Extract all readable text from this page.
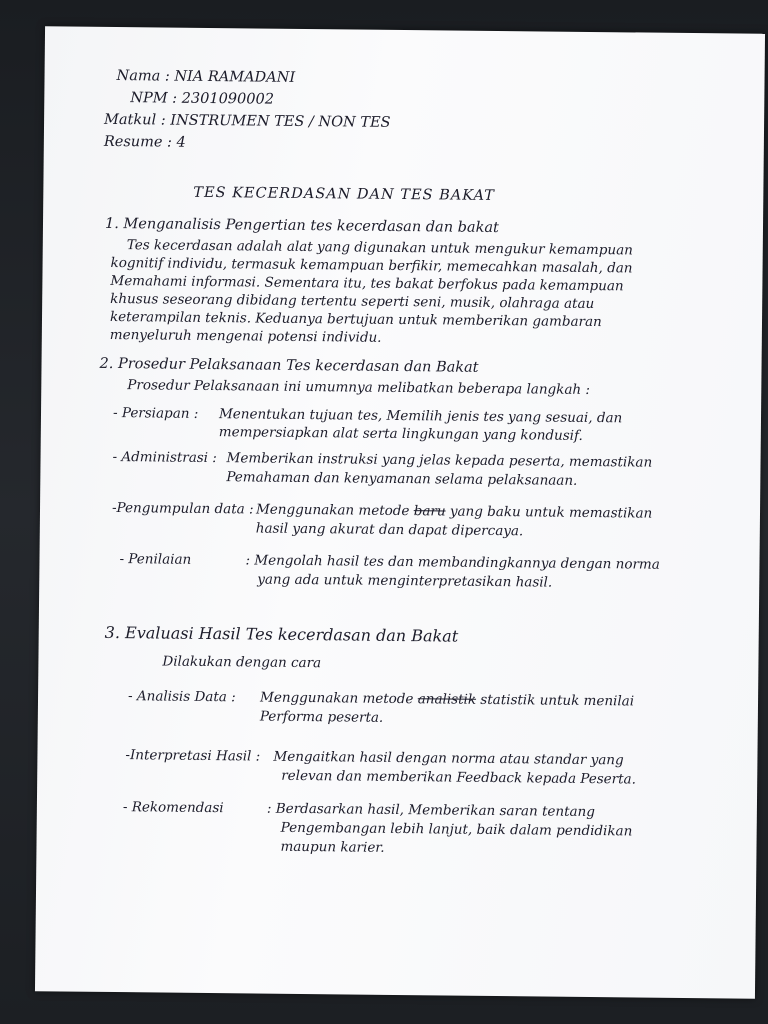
Nama : NIA RAMADANI
NPM : 2301090002
Matkul : INSTRUMEN TES / NON TES
Resume : 4
TES KECERDASAN DAN TES BAKAT
1. Menganalisis Pengertian tes kecerdasan dan bakat
Tes kecerdasan adalah alat yang digunakan untuk mengukur kemampuan
kognitif individu, termasuk kemampuan berfikir, memecahkan masalah, dan
Memahami informasi. Sementara itu, tes bakat berfokus pada kemampuan
khusus seseorang dibidang tertentu seperti seni, musik, olahraga atau
keterampilan teknis. Keduanya bertujuan untuk memberikan gambaran
menyeluruh mengenai potensi individu.
2. Prosedur Pelaksanaan Tes kecerdasan dan Bakat
Prosedur Pelaksanaan ini umumnya melibatkan beberapa langkah :
- Persiapan : Menentukan tujuan tes, Memilih jenis tes yang sesuai, dan
mempersiapkan alat serta lingkungan yang kondusif.
- Administrasi : Memberikan instruksi yang jelas kepada peserta, memastikan
Pemahaman dan kenyamanan selama pelaksanaan.
-Pengumpulan data : Menggunakan metode baru yang baku untuk memastikan
hasil yang akurat dan dapat dipercaya.
- Penilaian	: Mengolah hasil tes dan membandingkannya dengan norma
yang ada untuk menginterpretasikan hasil.
3. Evaluasi Hasil Tes kecerdasan dan Bakat
Dilakukan dengan cara
- Analisis Data : Menggunakan metode analistik statistik untuk menilai
Performa peserta.
-Interpretasi Hasil : Mengaitkan hasil dengan norma atau standar yang
relevan dan memberikan Feedback kepada Peserta.
- Rekomendasi	: Berdasarkan hasil, Memberikan saran tentang
Pengembangan lebih lanjut, baik dalam pendidikan
maupun karier.
